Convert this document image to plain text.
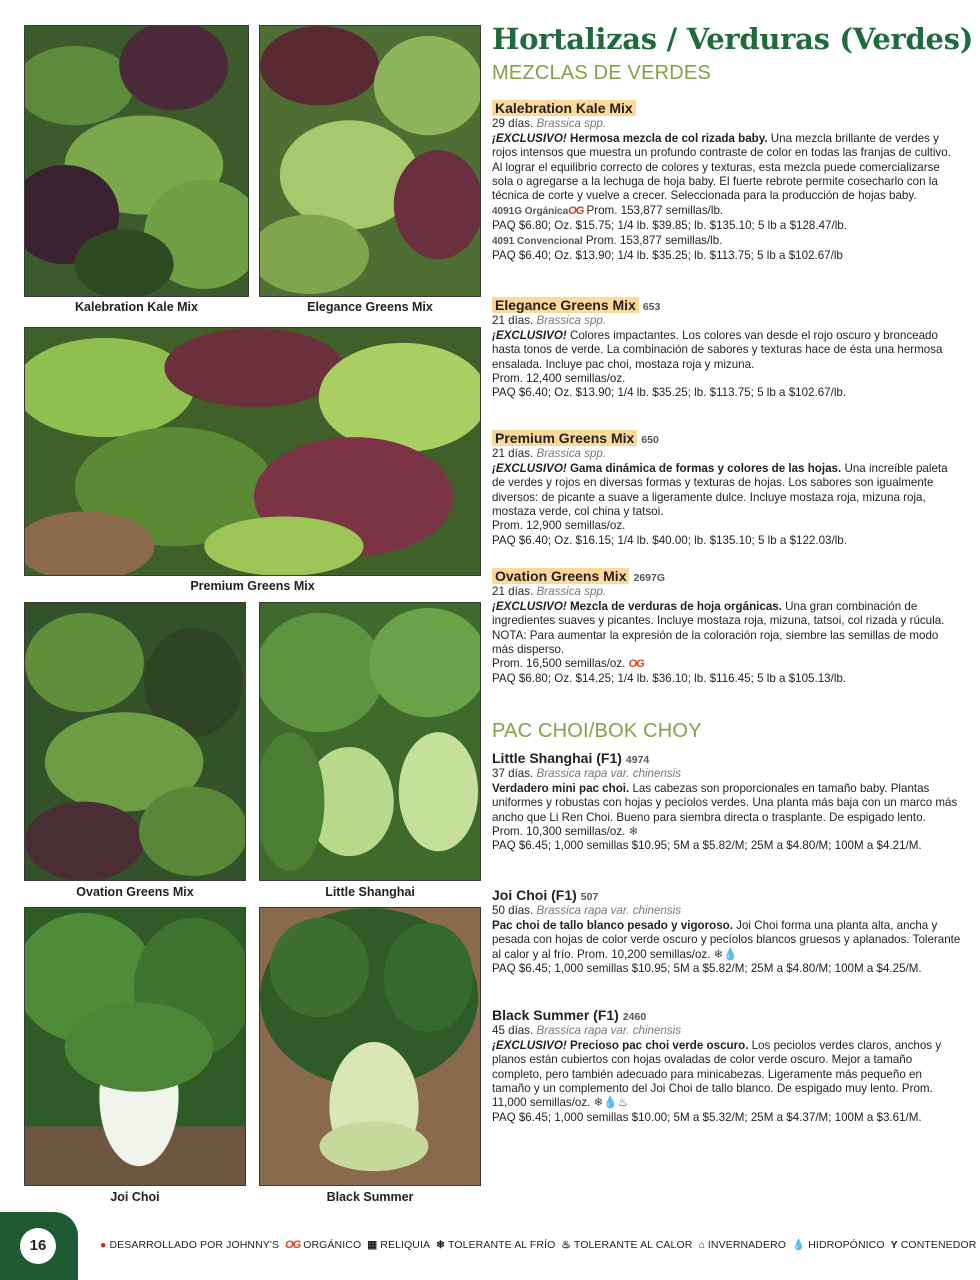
Kalebration Kale Mix	Elegance Greens Mix
Premium Greens Mix
Ovation Greens Mix	Little Shanghai
Joi Choi	Black Summer
Hortalizas / Verduras (Verdes)
MEZCLAS DE VERDES
Kalebration Kale Mix
29 días. Brassica spp.
¡EXCLUSIVO! Hermosa mezcla de col rizada baby. Una mezcla brillante de verdes y rojos intensos que muestra un profundo contraste de color en todas las franjas de cultivo. Al lograr el equilibrio correcto de colores y texturas, esta mezcla puede comercializarse sola o agregarse a la lechuga de hoja baby. El fuerte rebrote permite cosecharlo con la técnica de corte y vuelve a crecer. Seleccionada para la producción de hojas baby.
4091G OrgánicaOG Prom. 153,877 semillas/lb.
PAQ $6.80; Oz. $15.75; 1/4 lb. $39.85; lb. $135.10; 5 lb a $128.47/lb.
4091 Convencional Prom. 153,877 semillas/lb.
PAQ $6.40; Oz. $13.90; 1/4 lb. $35.25; lb. $113.75; 5 lb a $102.67/lb
Elegance Greens Mix 653
21 días. Brassica spp.
¡EXCLUSIVO! Colores impactantes. Los colores van desde el rojo oscuro y bronceado hasta tonos de verde. La combinación de sabores y texturas hace de ésta una hermosa ensalada. Incluye pac choi, mostaza roja y mizuna.
Prom. 12,400 semillas/oz.
PAQ $6.40; Oz. $13.90; 1/4 lb. $35.25; lb. $113.75; 5 lb a $102.67/lb.
Premium Greens Mix 650
21 días. Brassica spp.
¡EXCLUSIVO! Gama dinámica de formas y colores de las hojas. Una increíble paleta de verdes y rojos en diversas formas y texturas de hojas. Los sabores son igualmente diversos: de picante a suave a ligeramente dulce. Incluye mostaza roja, mizuna roja, mostaza verde, col china y tatsoi.
Prom. 12,900 semillas/oz.
PAQ $6.40; Oz. $16.15; 1/4 lb. $40.00; lb. $135.10; 5 lb a $122.03/lb.
Ovation Greens Mix 2697G
21 días. Brassica spp.
¡EXCLUSIVO! Mezcla de verduras de hoja orgánicas. Una gran combinación de ingredientes suaves y picantes. Incluye mostaza roja, mizuna, tatsoi, col rizada y rúcula. NOTA: Para aumentar la expresión de la coloración roja, siembre las semillas de modo más disperso.
Prom. 16,500 semillas/oz. OG
PAQ $6.80; Oz. $14.25; 1/4 lb. $36.10; lb. $116.45; 5 lb a $105.13/lb.
PAC CHOI/BOK CHOY
Little Shanghai (F1) 4974
37 días. Brassica rapa var. chinensis
Verdadero mini pac choi. Las cabezas son proporcionales en tamaño baby. Plantas uniformes y robustas con hojas y pecíolos verdes. Una planta más baja con un marco más ancho que Li Ren Choi. Bueno para siembra directa o trasplante. De espigado lento.
Prom. 10,300 semillas/oz. ❄
PAQ $6.45; 1,000 semillas $10.95; 5M a $5.82/M; 25M a $4.80/M; 100M a $4.21/M.
Joi Choi (F1) 507
50 días. Brassica rapa var. chinensis
Pac choi de tallo blanco pesado y vigoroso. Joi Choi forma una planta alta, ancha y pesada con hojas de color verde oscuro y pecíolos blancos gruesos y aplanados. Tolerante al calor y al frío. Prom. 10,200 semillas/oz. ❄💧
PAQ $6.45; 1,000 semillas $10.95; 5M a $5.82/M; 25M a $4.80/M; 100M a $4.25/M.
Black Summer (F1) 2460
45 días. Brassica rapa var. chinensis
¡EXCLUSIVO! Precioso pac choi verde oscuro. Los peciolos verdes claros, anchos y planos están cubiertos con hojas ovaladas de color verde oscuro. Mejor a tamaño completo, pero también adecuado para minicabezas. Ligeramente más pequeño en tamaño y un complemento del Joi Choi de tallo blanco. De espigado muy lento. Prom. 11,000 semillas/oz. ❄💧♨
PAQ $6.45; 1,000 semillas $10.00; 5M a $5.32/M; 25M a $4.37/M; 100M a $3.61/M.
16	● DESARROLLADO POR JOHNNY'S OG ORGÁNICO ▦ RELIQUIA ❄ TOLERANTE AL FRÍO ♨ TOLERANTE AL CALOR ⌂ INVERNADERO 💧 HIDROPÓNICO Y CONTENEDOR
